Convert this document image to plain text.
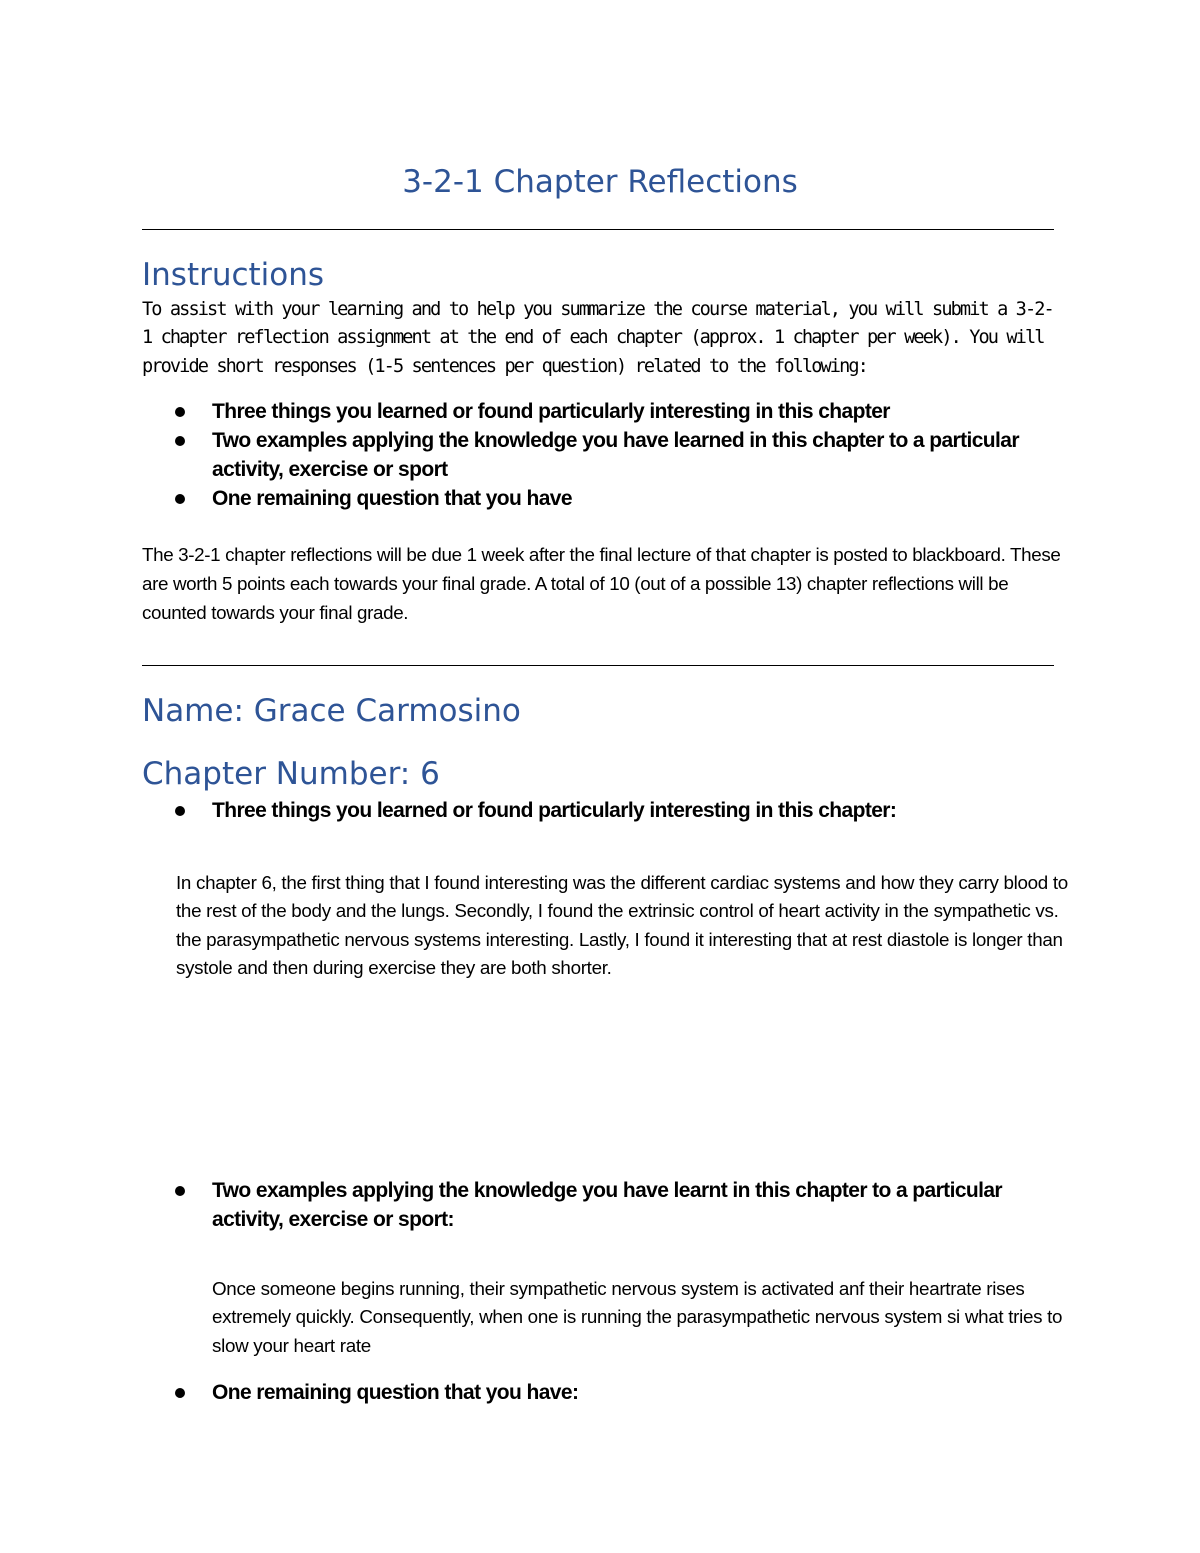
3-2-1 Chapter Reflections
Instructions

To assist with your learning and to help you summarize the course material, you will submit a 3-2-1 chapter reflection assignment at the end of each chapter (approx. 1 chapter per week). You will provide short responses (1-5 sentences per question) related to the following:

Three things you learned or found particularly interesting in this chapter
Two examples applying the knowledge you have learned in this chapter to a particular activity, exercise or sport
One remaining question that you have

The 3-2-1 chapter reflections will be due 1 week after the final lecture of that chapter is posted to blackboard. These are worth 5 points each towards your final grade. A total of 10 (out of a possible 13) chapter reflections will be counted towards your final grade.

Name: Grace Carmosino
Chapter Number: 6
Three things you learned or found particularly interesting in this chapter:

In chapter 6, the first thing that I found interesting was the different cardiac systems and how they carry blood to the rest of the body and the lungs. Secondly, I found the extrinsic control of heart activity in the sympathetic vs. the parasympathetic nervous systems interesting. Lastly, I found it interesting that at rest diastole is longer than systole and then during exercise they are both shorter.

Two examples applying the knowledge you have learnt in this chapter to a particular activity, exercise or sport:

Once someone begins running, their sympathetic nervous system is activated anf their heartrate rises extremely quickly. Consequently, when one is running the parasympathetic nervous system si what tries to slow your heart rate

One remaining question that you have:
